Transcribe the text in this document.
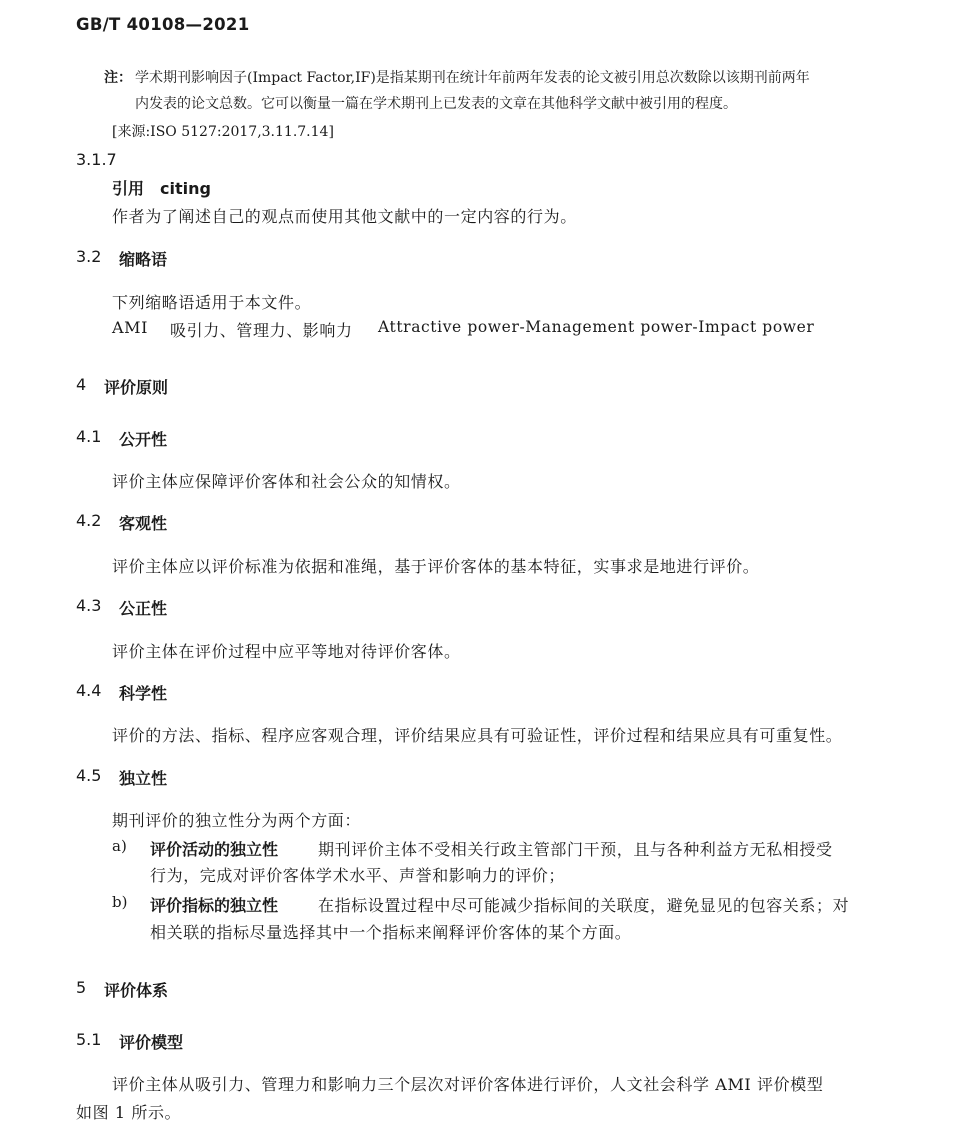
GB/T 40108—2021
注： 学术期刊影响因子(Impact Factor,IF)是指某期刊在统计年前两年发表的论文被引用总次数除以该期刊前两年
内发表的论文总数。它可以衡量一篇在学术期刊上已发表的文章在其他科学文献中被引用的程度。
[来源:ISO 5127:2017,3.11.7.14]
3.1.7
引用　citing
作者为了阐述自己的观点而使用其他文献中的一定内容的行为。
3.2 缩略语
下列缩略语适用于本文件。
AMI 吸引力、管理力、影响力 Attractive power-Management power-Impact power
4 评价原则
4.1 公开性
评价主体应保障评价客体和社会公众的知情权。
4.2 客观性
评价主体应以评价标准为依据和准绳，基于评价客体的基本特征，实事求是地进行评价。
4.3 公正性
评价主体在评价过程中应平等地对待评价客体。
4.4 科学性
评价的方法、指标、程序应客观合理，评价结果应具有可验证性，评价过程和结果应具有可重复性。
4.5 独立性
期刊评价的独立性分为两个方面：
a) 评价活动的独立性 期刊评价主体不受相关行政主管部门干预，且与各种利益方无私相授受
行为，完成对评价客体学术水平、声誉和影响力的评价；
b) 评价指标的独立性 在指标设置过程中尽可能减少指标间的关联度，避免显见的包容关系；对
相关联的指标尽量选择其中一个指标来阐释评价客体的某个方面。
5 评价体系
5.1 评价模型
评价主体从吸引力、管理力和影响力三个层次对评价客体进行评价，人文社会科学 AMI 评价模型
如图 1 所示。
